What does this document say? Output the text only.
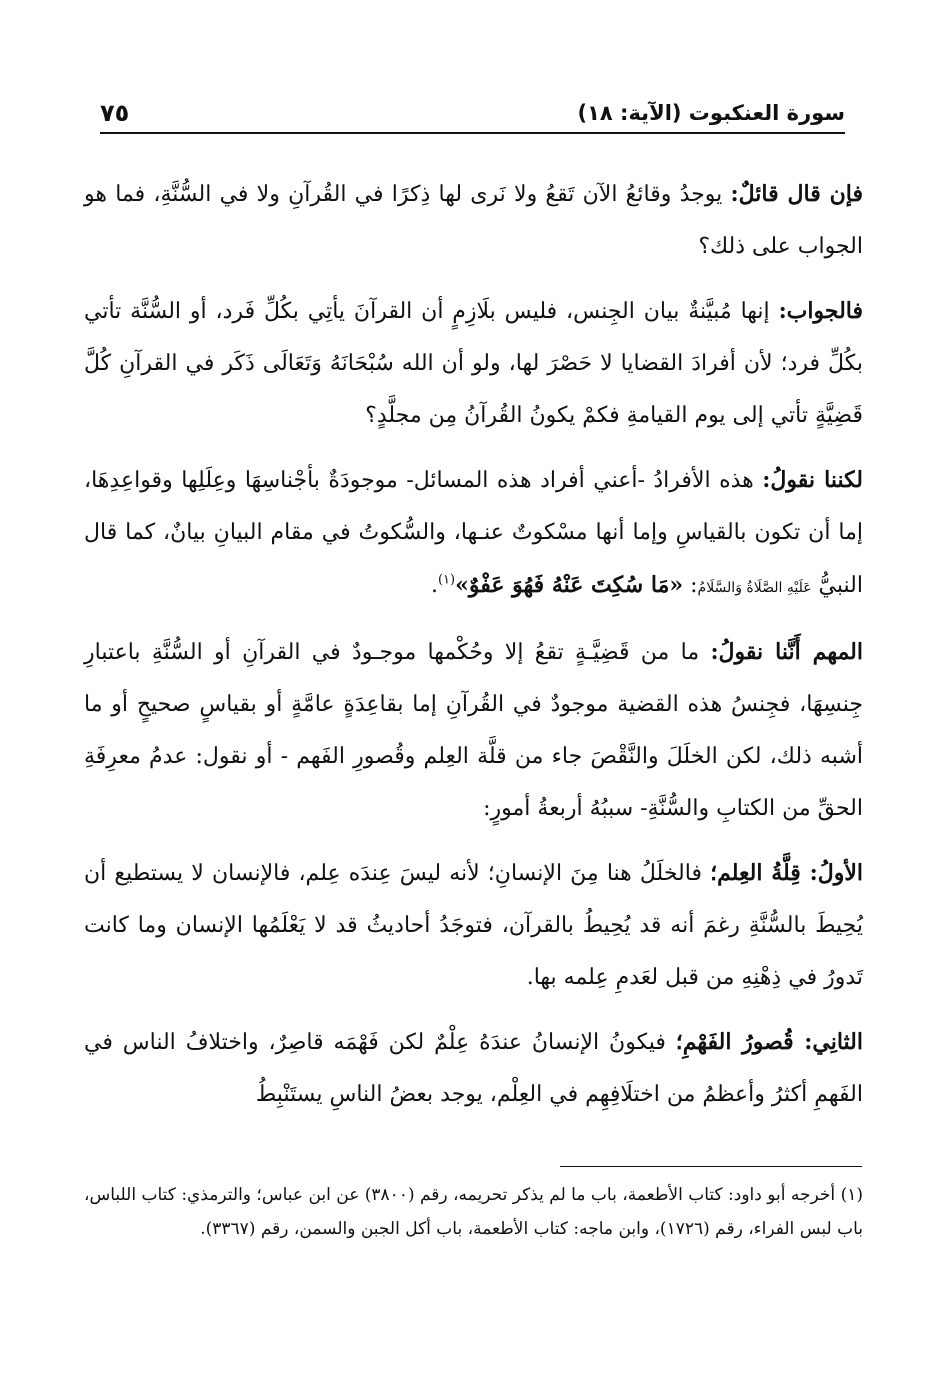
٧٥	سورة العنكبوت (الآية: ١٨)

فإن قال قائلٌ: يوجدُ وقائعُ الآن تَقعُ ولا نَرى لها ذِكرًا في القُرآنِ ولا في السُّنَّةِ، فما هو الجواب على ذلك؟

فالجواب: إنها مُبيَّنةٌ بيان الجِنس، فليس بلَازِمٍ أن القرآنَ يأتِي بكُلِّ فَرد، أو السُّنَّة تأتي بكُلِّ فرد؛ لأن أفرادَ القضايا لا حَصْرَ لها، ولو أن الله سُبْحَانَهُ وَتَعَالَى ذَكَر في القرآنِ كُلَّ قَضِيَّةٍ تأتي إلى يوم القيامةِ فكمْ يكونُ القُرآنُ مِن مجلَّدٍ؟

لكننا نقولُ: هذه الأفرادُ -أعني أفراد هذه المسائل- موجودَةٌ بأجْناسِهَا وعِلَلِها وقواعِدِهَا، إما أن تكون بالقياسِ وإما أنها مسْكوتٌ عنـها، والسُّكوتُ في مقام البيانِ بيانٌ، كما قال النبيُّ عَلَيْهِ الصَّلَاةُ وَالسَّلَامُ: «مَا سُكِتَ عَنْهُ فَهُوَ عَفْوٌ»$^{(١)}$.

المهم أَنَّنا نقولُ: ما من قَضِيَّـةٍ تقعُ إلا وحُكْمها موجـودٌ في القرآنِ أو السُّنَّةِ باعتبارِ جِنسِهَا، فجِنسُ هذه القضية موجودٌ في القُرآنِ إما بقاعِدَةٍ عامَّةٍ أو بقياسٍ صحيحٍ أو ما أشبه ذلك، لكن الخلَلَ والنَّقْصَ جاء من قلَّة العِلم وقُصورِ الفَهم - أو نقول: عدمُ معرِفَةِ الحقِّ من الكتابِ والسُّنَّةِ- سببُهُ أربعةُ أمورٍ:

الأولُ: قِلَّةُ العِلم؛ فالخلَلُ هنا مِنَ الإنسانِ؛ لأنه ليسَ عِندَه عِلم، فالإنسان لا يستطيع أن يُحِيطَ بالسُّنَّةِ رغمَ أنه قد يُحِيطُ بالقرآن، فتوجَدُ أحاديثُ قد لا يَعْلَمُها الإنسان وما كانت تَدورُ في ذِهْنِهِ من قبل لعَدمِ عِلمه بها.

الثانِي: قُصورُ الفَهْمِ؛ فيكونُ الإنسانُ عندَهُ عِلْمٌ لكن فَهْمَه قاصِرٌ، واختلافُ الناس في الفَهمِ أكثرُ وأعظمُ من اختلَافِهِم في العِلْم، يوجد بعضُ الناسِ يستَنْبِطُ

(١) أخرجه أبو داود: كتاب الأطعمة، باب ما لم يذكر تحريمه، رقم (٣٨٠٠) عن ابن عباس؛ والترمذي: كتاب اللباس، باب لبس الفراء، رقم (١٧٢٦)، وابن ماجه: كتاب الأطعمة، باب أكل الجبن والسمن، رقم (٣٣٦٧).
